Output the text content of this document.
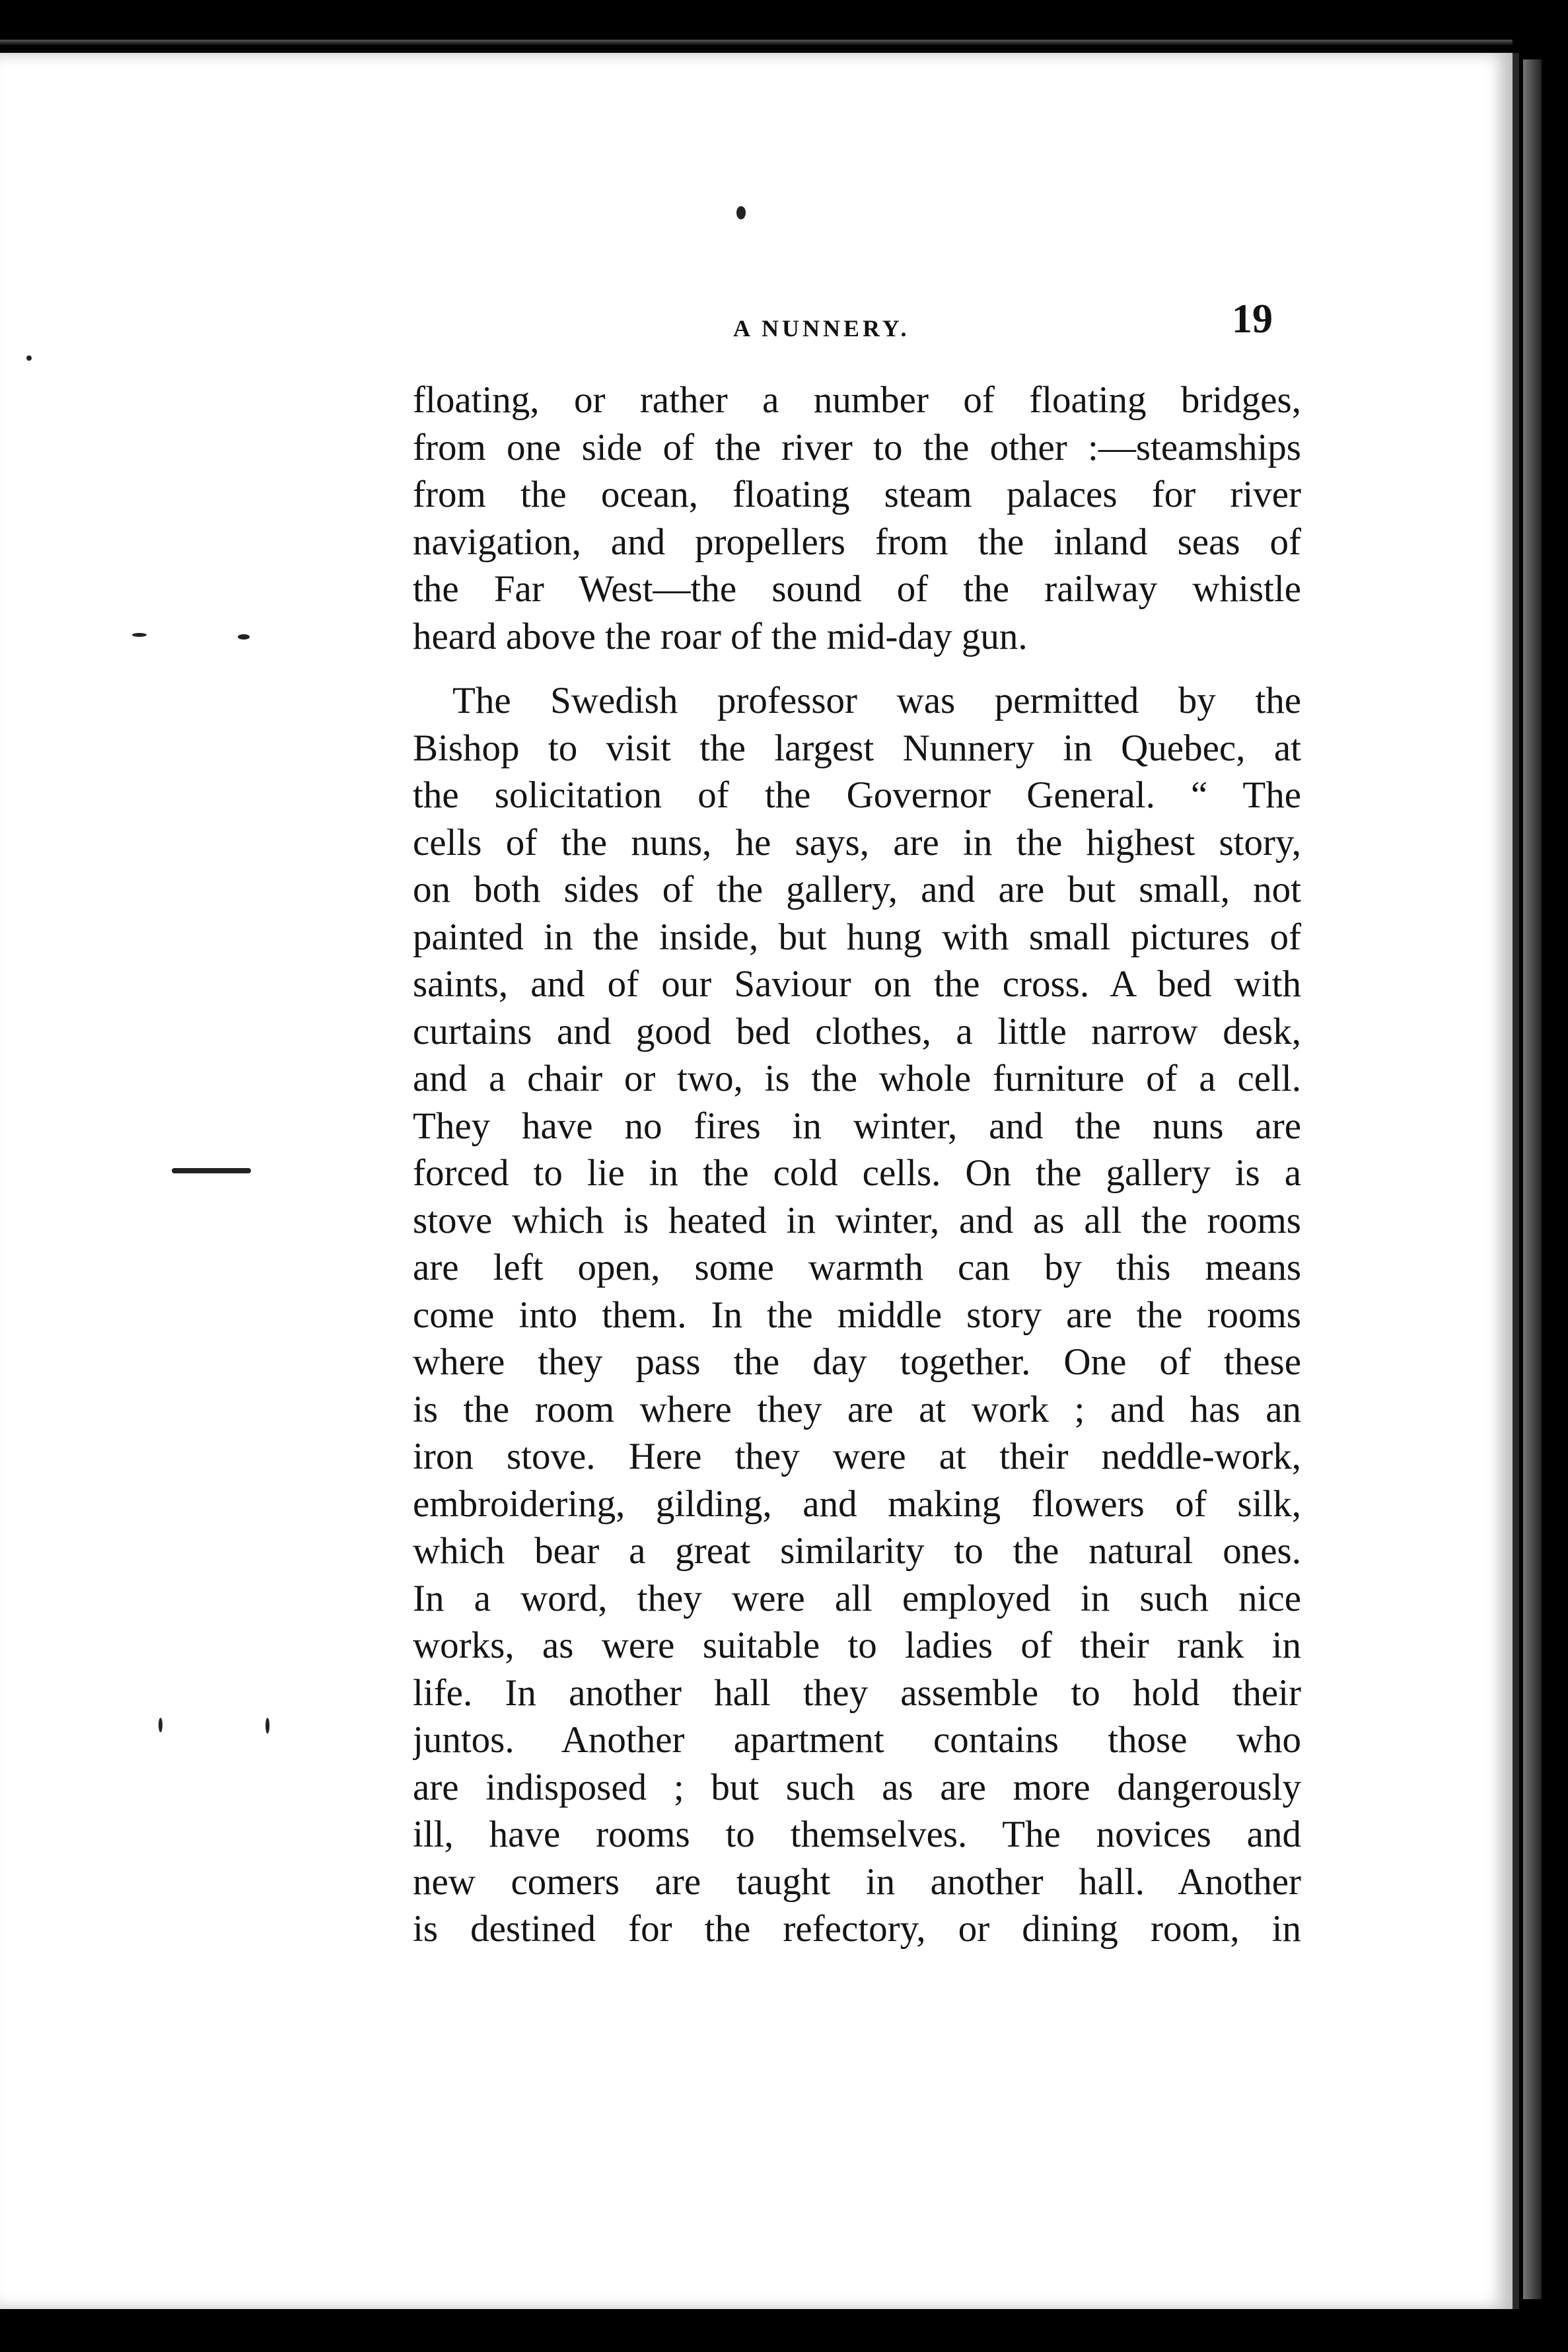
A NUNNERY.	19
floating, or rather a number of floating bridges,
from one side of the river to the other :—steamships
from the ocean, floating steam palaces for river
navigation, and propellers from the inland seas of
the Far West—the sound of the railway whistle
heard above the roar of the mid-day gun.
The Swedish professor was permitted by the
Bishop to visit the largest Nunnery in Quebec, at
the solicitation of the Governor General. “ The
cells of the nuns, he says, are in the highest story,
on both sides of the gallery, and are but small, not
painted in the inside, but hung with small pictures of
saints, and of our Saviour on the cross. A bed with
curtains and good bed clothes, a little narrow desk,
and a chair or two, is the whole furniture of a cell.
They have no fires in winter, and the nuns are
forced to lie in the cold cells. On the gallery is a
stove which is heated in winter, and as all the rooms
are left open, some warmth can by this means
come into them. In the middle story are the rooms
where they pass the day together. One of these
is the room where they are at work ; and has an
iron stove. Here they were at their neddle-work,
embroidering, gilding, and making flowers of silk,
which bear a great similarity to the natural ones.
In a word, they were all employed in such nice
works, as were suitable to ladies of their rank in
life. In another hall they assemble to hold their
juntos. Another apartment contains those who
are indisposed ; but such as are more dangerously
ill, have rooms to themselves. The novices and
new comers are taught in another hall. Another
is destined for the refectory, or dining room, in
